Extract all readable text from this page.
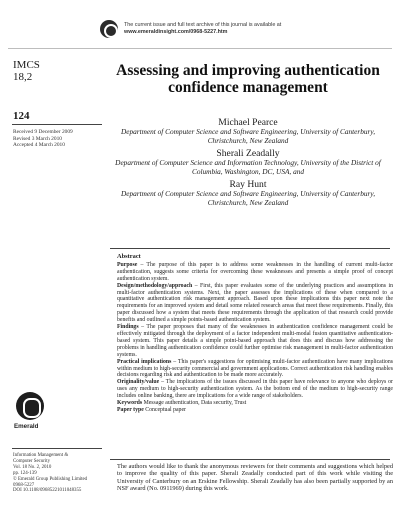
The current issue and full text archive of this journal is available at
www.emeraldinsight.com/0968-5227.htm
IMCS
18,2
124
Received 9 December 2009
Revised 3 March 2010
Accepted 4 March 2010
Assessing and improving authentication confidence management
Michael Pearce
Department of Computer Science and Software Engineering, University of Canterbury, Christchurch, New Zealand
Sherali Zeadally
Department of Computer Science and Information Technology, University of the District of Columbia, Washington, DC, USA, and
Ray Hunt
Department of Computer Science and Software Engineering, University of Canterbury, Christchurch, New Zealand
Abstract

Purpose – The purpose of this paper is to address some weaknesses in the handling of current multi-factor authentication, suggests some criteria for overcoming these weaknesses and presents a simple proof of concept authentication system.

Design/methodology/approach – First, this paper evaluates some of the underlying practices and assumptions in multi-factor authentication systems. Next, the paper assesses the implications of these when compared to a quantitative authentication risk management approach. Based upon these implications this paper next note the requirements for an improved system and detail some related research areas that meet these requirements. Finally, this paper discussed how a system that meets these requirements through the application of that research could provide benefits and outlined a simple points-based authentication system.

Findings – The paper proposes that many of the weaknesses in authentication confidence management could be effectively mitigated through the deployment of a factor independent multi-modal fusion quantitative authentication-based system. This paper details a simple point-based approach that does this and discuss how addressing the problems in handling authentication confidence could further optimise risk management in multi-factor authentication systems.

Practical implications – This paper's suggestions for optimising multi-factor authentication have many implications within medium to high-security commercial and government applications. Correct authentication risk handling enables decisions regarding risk and authentication to be made more accurately.

Originality/value – The implications of the issues discussed in this paper have relevance to anyone who deploys or uses any medium to high-security authentication system. As the bottom end of the medium to high-security range includes online banking, there are implications for a wide range of stakeholders.

Keywords Message authentication, Data security, Trust

Paper type Conceptual paper

Emerald
Information Management &
Computer Security
Vol. 18 No. 2, 2010
pp. 124-139
© Emerald Group Publishing Limited
0968-5227
DOI 10.1108/09685221011048355
The authors would like to thank the anonymous reviewers for their comments and suggestions which helped to improve the quality of this paper. Sherali Zeadally conducted part of this work while visiting the University of Canterbury on an Erskine Fellowship. Sherali Zeadally has also been partially supported by an NSF award (No. 0911969) during this work.
